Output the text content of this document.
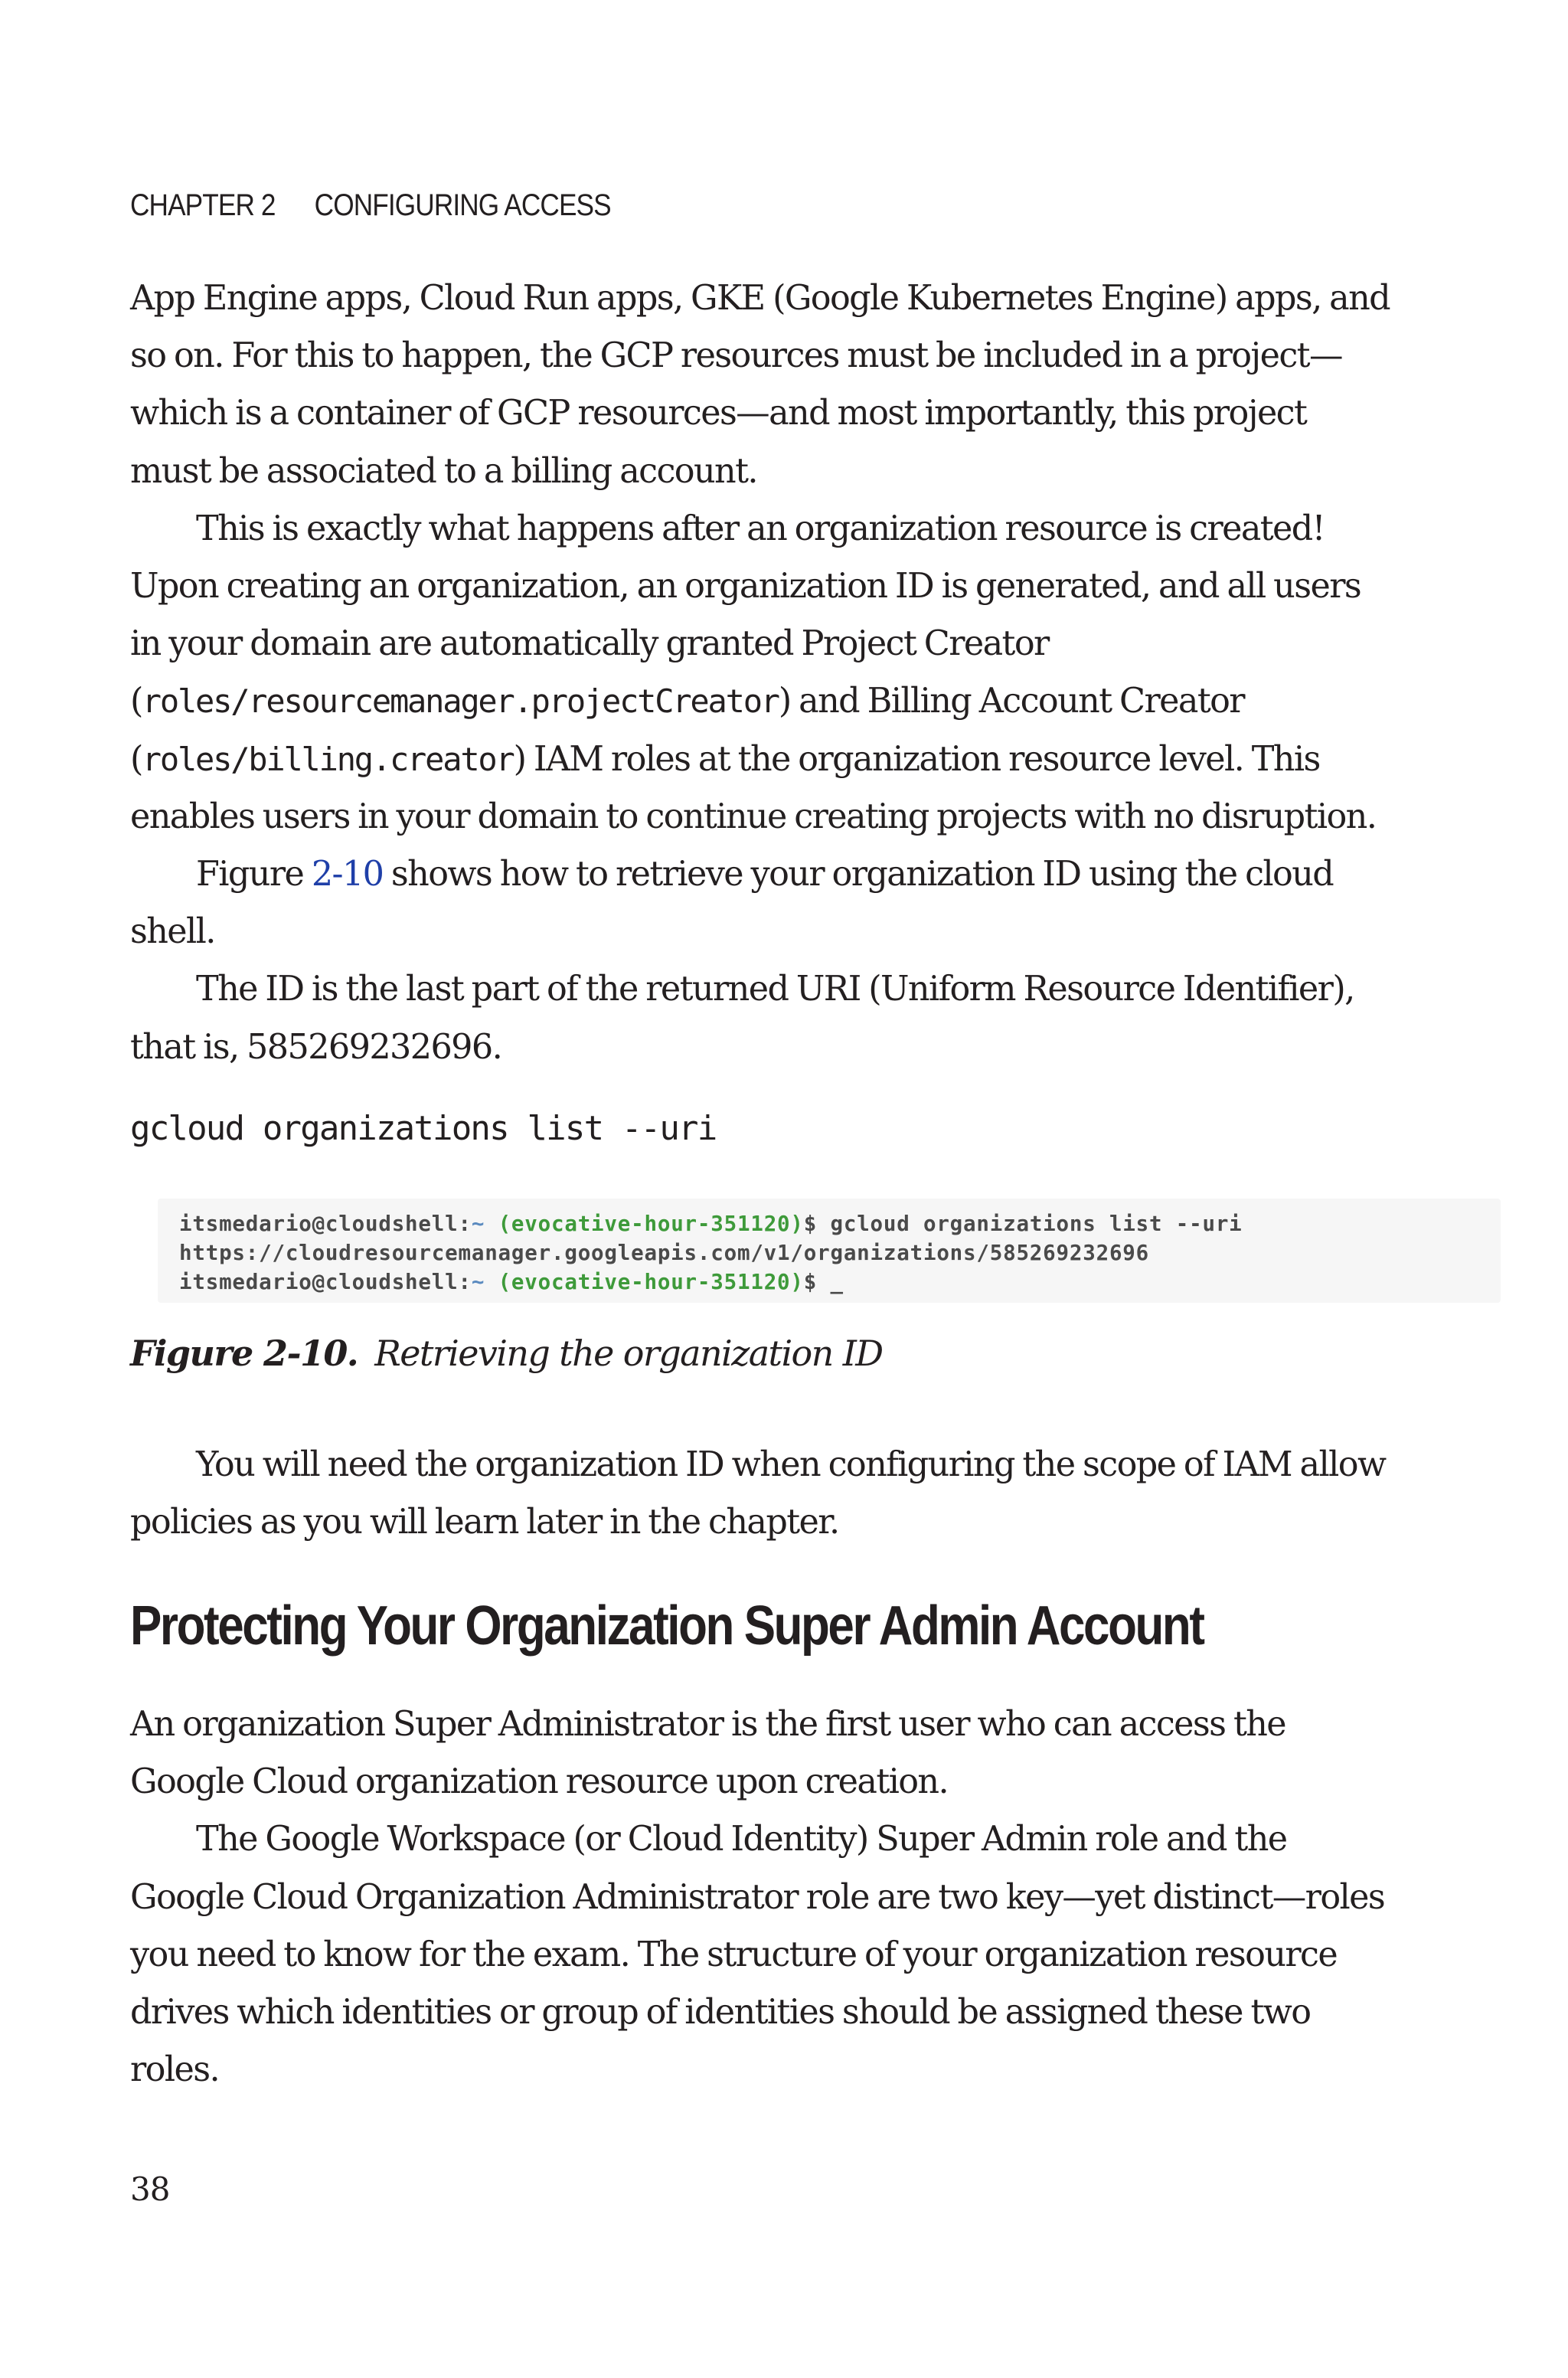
CHAPTER 2 CONFIGURING ACCESS

App Engine apps, Cloud Run apps, GKE (Google Kubernetes Engine) apps, and so on. For this to happen, the GCP resources must be included in a project—which is a container of GCP resources—and most importantly, this project must be associated to a billing account.

This is exactly what happens after an organization resource is created! Upon creating an organization, an organization ID is generated, and all users in your domain are automatically granted Project Creator (roles/resourcemanager.projectCreator) and Billing Account Creator (roles/billing.creator) IAM roles at the organization resource level. This enables users in your domain to continue creating projects with no disruption.

Figure 2-10 shows how to retrieve your organization ID using the cloud shell.

The ID is the last part of the returned URI (Uniform Resource Identifier), that is, 585269232696.

gcloud organizations list --uri
itsmedario@cloudshell:~ (evocative-hour-351120)$ gcloud organizations list --uri
https://cloudresourcemanager.googleapis.com/v1/organizations/585269232696
itsmedario@cloudshell:~ (evocative-hour-351120)$ _
Figure 2-10. Retrieving the organization ID

You will need the organization ID when configuring the scope of IAM allow policies as you will learn later in the chapter.

Protecting Your Organization Super Admin Account

An organization Super Administrator is the first user who can access the Google Cloud organization resource upon creation.

The Google Workspace (or Cloud Identity) Super Admin role and the Google Cloud Organization Administrator role are two key—yet distinct—roles you need to know for the exam. The structure of your organization resource drives which identities or group of identities should be assigned these two roles.

38
